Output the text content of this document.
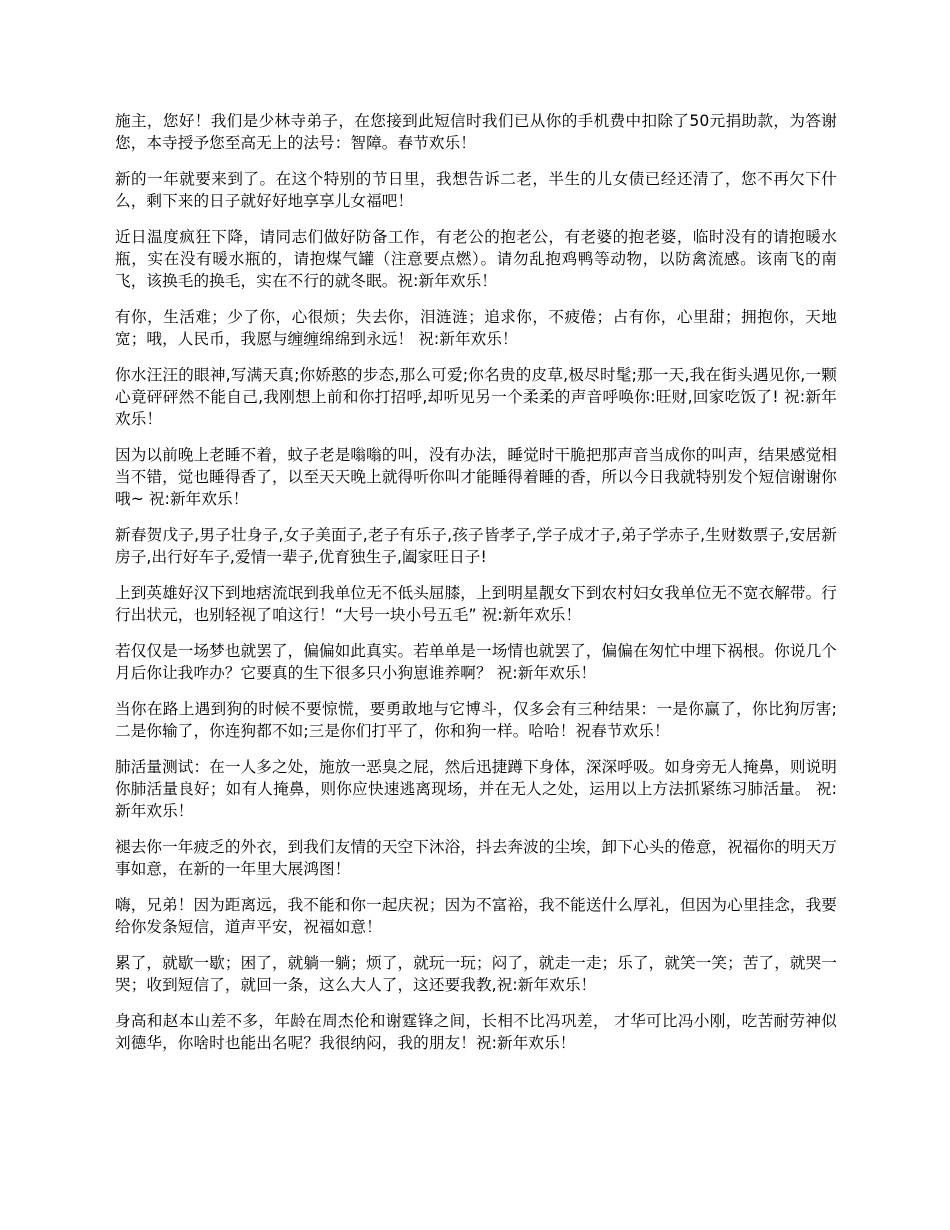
施主，您好！我们是少林寺弟子，在您接到此短信时我们已从你的手机费中扣除了50元捐助款，为答谢您，本寺授予您至高无上的法号：智障。春节欢乐！

新的一年就要来到了。在这个特别的节日里，我想告诉二老，半生的儿女债已经还清了，您不再欠下什么，剩下来的日子就好好地享享儿女福吧！

近日温度疯狂下降，请同志们做好防备工作，有老公的抱老公，有老婆的抱老婆，临时没有的请抱暖水瓶，实在没有暖水瓶的，请抱煤气罐（注意要点燃）。请勿乱抱鸡鸭等动物，以防禽流感。该南飞的南飞，该换毛的换毛，实在不行的就冬眠。祝:新年欢乐！

有你，生活难；少了你，心很烦；失去你，泪涟涟；追求你，不疲倦；占有你，心里甜；拥抱你，天地宽；哦，人民币，我愿与缠缠绵绵到永远！ 祝:新年欢乐！

你水汪汪的眼神,写满天真;你娇憨的步态,那么可爱;你名贵的皮草,极尽时髦;那一天,我在街头遇见你,一颗心竟砰砰然不能自己,我刚想上前和你打招呼,却听见另一个柔柔的声音呼唤你:旺财,回家吃饭了! 祝:新年欢乐！

因为以前晚上老睡不着，蚊子老是嗡嗡的叫，没有办法，睡觉时干脆把那声音当成你的叫声，结果感觉相当不错，觉也睡得香了，以至天天晚上就得听你叫才能睡得着睡的香，所以今日我就特别发个短信谢谢你哦~ 祝:新年欢乐！

新春贺戊子,男子壮身子,女子美面子,老子有乐子,孩子皆孝子,学子成才子,弟子学赤子,生财数票子,安居新房子,出行好车子,爱情一辈子,优育独生子,阖家旺日子!

上到英雄好汉下到地痞流氓到我单位无不低头屈膝，上到明星靓女下到农村妇女我单位无不宽衣解带。行行出状元，也别轻视了咱这行！“大号一块小号五毛” 祝:新年欢乐！

若仅仅是一场梦也就罢了，偏偏如此真实。若单单是一场情也就罢了，偏偏在匆忙中埋下祸根。你说几个月后你让我咋办？它要真的生下很多只小狗崽谁养啊？ 祝:新年欢乐！

当你在路上遇到狗的时候不要惊慌，要勇敢地与它博斗，仅多会有三种结果：一是你赢了，你比狗厉害;二是你输了，你连狗都不如;三是你们打平了，你和狗一样。哈哈！祝春节欢乐！

肺活量测试：在一人多之处，施放一恶臭之屁，然后迅捷蹲下身体，深深呼吸。如身旁无人掩鼻，则说明你肺活量良好；如有人掩鼻，则你应快速逃离现场，并在无人之处，运用以上方法抓紧练习肺活量。 祝:新年欢乐！

褪去你一年疲乏的外衣，到我们友情的天空下沐浴，抖去奔波的尘埃，卸下心头的倦意，祝福你的明天万事如意，在新的一年里大展鸿图！

嗨，兄弟！因为距离远，我不能和你一起庆祝；因为不富裕，我不能送什么厚礼，但因为心里挂念，我要给你发条短信，道声平安，祝福如意！

累了，就歇一歇；困了，就躺一躺；烦了，就玩一玩；闷了，就走一走；乐了，就笑一笑；苦了，就哭一哭；收到短信了，就回一条，这么大人了，这还要我教,祝:新年欢乐！

身高和赵本山差不多，年龄在周杰伦和谢霆锋之间，长相不比冯巩差， 才华可比冯小刚，吃苦耐劳神似刘德华，你啥时也能出名呢？我很纳闷，我的朋友！祝:新年欢乐！
